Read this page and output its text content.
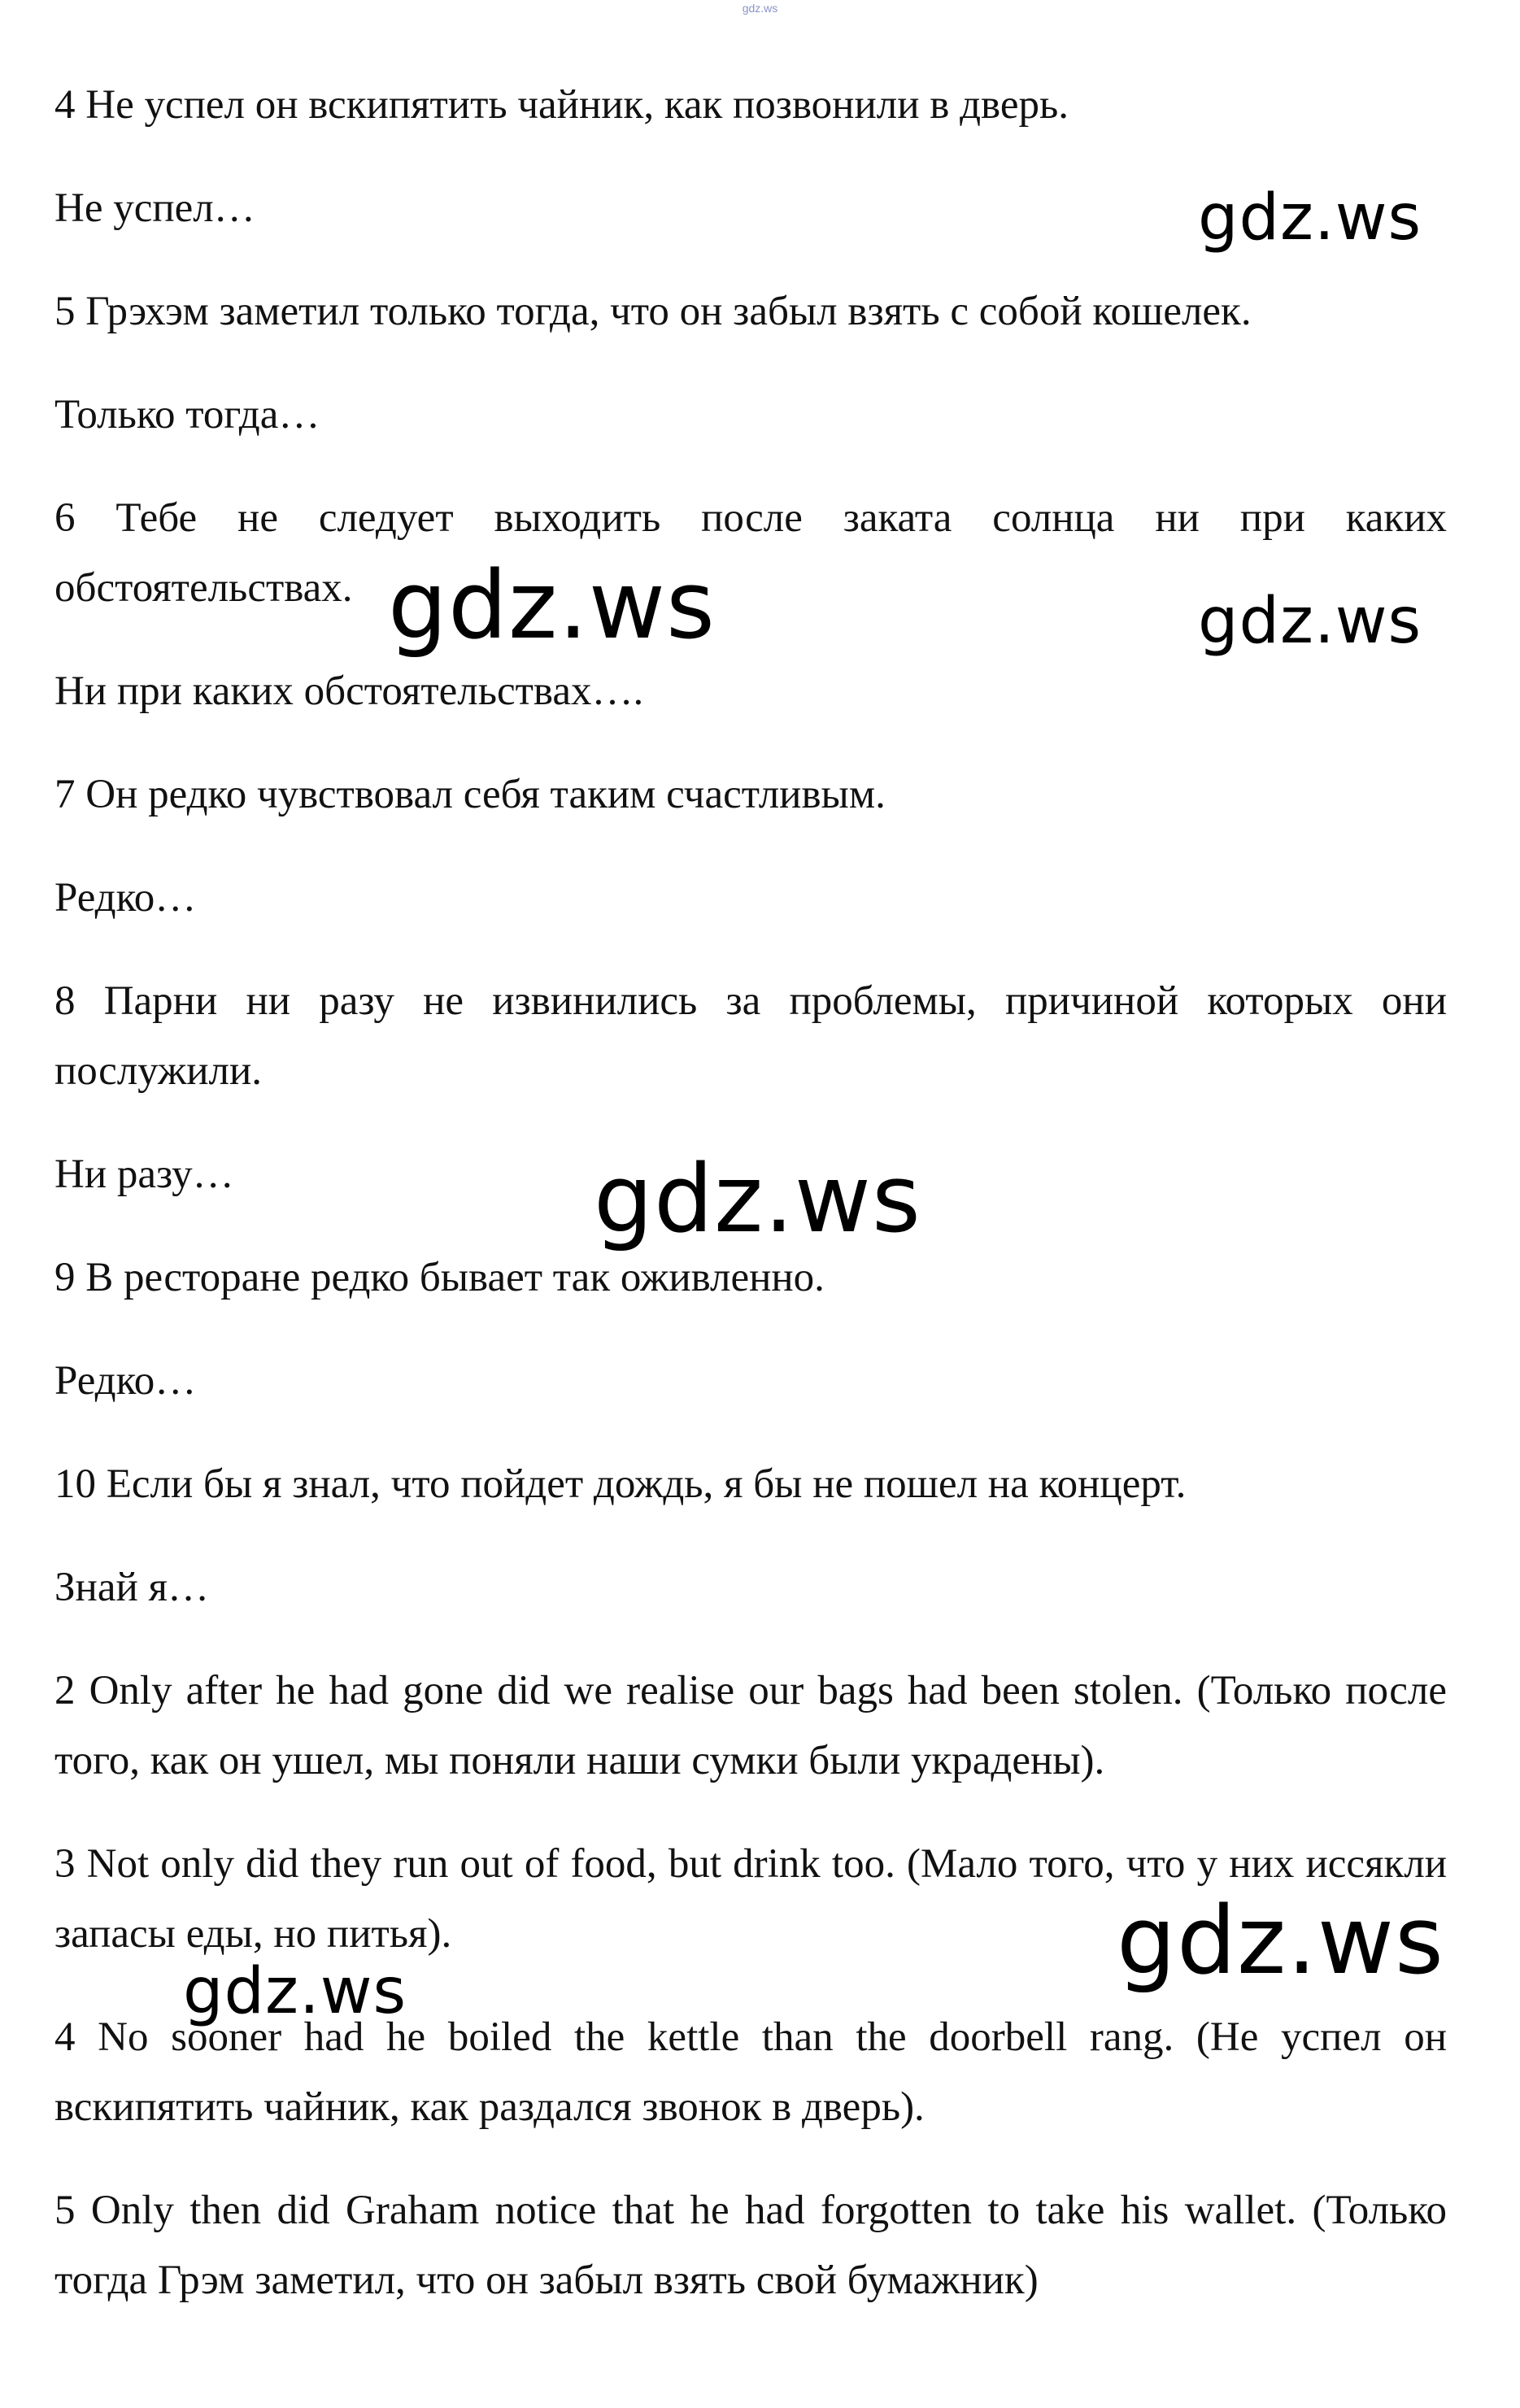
gdz.ws

4 Не успел он вскипятить чайник, как позвонили в дверь.

Не успел…

5 Грэхэм заметил только тогда, что он забыл взять с собой кошелек.

Только тогда…

6 Тебе не следует выходить после заката солнца ни при каких обстоятельствах.

Ни при каких обстоятельствах….

7 Он редко чувствовал себя таким счастливым.

Редко…

8 Парни ни разу не извинились за проблемы, причиной которых они послужили.

Ни разу…

9 В ресторане редко бывает так оживленно.

Редко…

10 Если бы я знал, что пойдет дождь, я бы не пошел на концерт.

Знай я…

2 Only after he had gone did we realise our bags had been stolen. (Только после того, как он ушел, мы поняли наши сумки были украдены).

3 Not only did they run out of food, but drink too. (Мало того, что у них иссякли запасы еды, но питья).

4 No sooner had he boiled the kettle than the doorbell rang. (Не успел он вскипятить чайник, как раздался звонок в дверь).

5 Only then did Graham notice that he had forgotten to take his wallet. (Только тогда Грэм заметил, что он забыл взять свой бумажник)

gdz.ws
gdz.ws	gdz.ws
gdz.ws
gdz.ws
gdz.ws
